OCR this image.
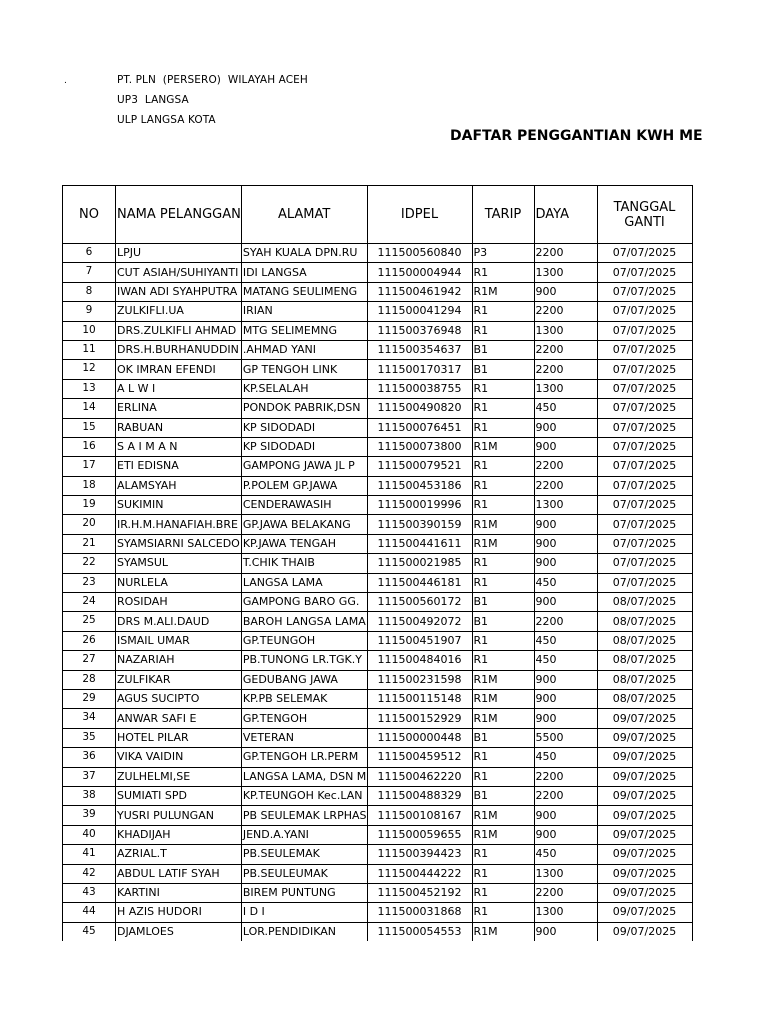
.	PT. PLN  (PERSERO)  WILAYAH ACEH
UP3  LANGSA
ULP LANGSA KOTA
DAFTAR PENGGANTIAN KWH ME
NO	NAMA PELANGGAN	ALAMAT	IDPEL	TARIP	DAYA	TANGGAL
GANTI
6	LPJU	SYAH KUALA DPN.RU	111500560840	P3	2200	07/07/2025
7	CUT ASIAH/SUHIYANTI	IDI LANGSA	111500004944	R1	1300	07/07/2025
8	IWAN ADI SYAHPUTRA	MATANG SEULIMENG	111500461942	R1M	900	07/07/2025
9	ZULKIFLI.UA	IRIAN	111500041294	R1	2200	07/07/2025
10	DRS.ZULKIFLI AHMAD	MTG SELIMEMNG	111500376948	R1	1300	07/07/2025
11	DRS.H.BURHANUDDIN	.AHMAD YANI	111500354637	B1	2200	07/07/2025
12	OK IMRAN EFENDI	GP TENGOH LINK	111500170317	B1	2200	07/07/2025
13	A L W I	KP.SELALAH	111500038755	R1	1300	07/07/2025
14	ERLINA	PONDOK PABRIK,DSN	111500490820	R1	450	07/07/2025
15	RABUAN	KP SIDODADI	111500076451	R1	900	07/07/2025
16	S A I M A N	KP SIDODADI	111500073800	R1M	900	07/07/2025
17	ETI EDISNA	GAMPONG JAWA JL P	111500079521	R1	2200	07/07/2025
18	ALAMSYAH	P.POLEM GP.JAWA	111500453186	R1	2200	07/07/2025
19	SUKIMIN	CENDERAWASIH	111500019996	R1	1300	07/07/2025
20	IR.H.M.HANAFIAH.BRE	GP.JAWA BELAKANG	111500390159	R1M	900	07/07/2025
21	SYAMSIARNI SALCEDO	KP.JAWA TENGAH	111500441611	R1M	900	07/07/2025
22	SYAMSUL	T.CHIK THAIB	111500021985	R1	900	07/07/2025
23	NURLELA	LANGSA LAMA	111500446181	R1	450	07/07/2025
24	ROSIDAH	GAMPONG BARO GG.	111500560172	B1	900	08/07/2025
25	DRS M.ALI.DAUD	BAROH LANGSA LAMA	111500492072	B1	2200	08/07/2025
26	ISMAIL UMAR	GP.TEUNGOH	111500451907	R1	450	08/07/2025
27	NAZARIAH	PB.TUNONG LR.TGK.Y	111500484016	R1	450	08/07/2025
28	ZULFIKAR	GEDUBANG JAWA	111500231598	R1M	900	08/07/2025
29	AGUS SUCIPTO	KP.PB SELEMAK	111500115148	R1M	900	08/07/2025
34	ANWAR SAFI E	GP.TENGOH	111500152929	R1M	900	09/07/2025
35	HOTEL PILAR	VETERAN	111500000448	B1	5500	09/07/2025
36	VIKA VAIDIN	GP.TENGOH LR.PERM	111500459512	R1	450	09/07/2025
37	ZULHELMI,SE	LANGSA LAMA, DSN M	111500462220	R1	2200	09/07/2025
38	SUMIATI SPD	KP.TEUNGOH Kec.LAN	111500488329	B1	2200	09/07/2025
39	YUSRI PULUNGAN	PB SEULEMAK LRPHAS	111500108167	R1M	900	09/07/2025
40	KHADIJAH	JEND.A.YANI	111500059655	R1M	900	09/07/2025
41	AZRIAL.T	PB.SEULEMAK	111500394423	R1	450	09/07/2025
42	ABDUL LATIF SYAH	PB.SEULEUMAK	111500444222	R1	1300	09/07/2025
43	KARTINI	BIREM PUNTUNG	111500452192	R1	2200	09/07/2025
44	H AZIS HUDORI	I D I	111500031868	R1	1300	09/07/2025
45	DJAMLOES	LOR.PENDIDIKAN	111500054553	R1M	900	09/07/2025
